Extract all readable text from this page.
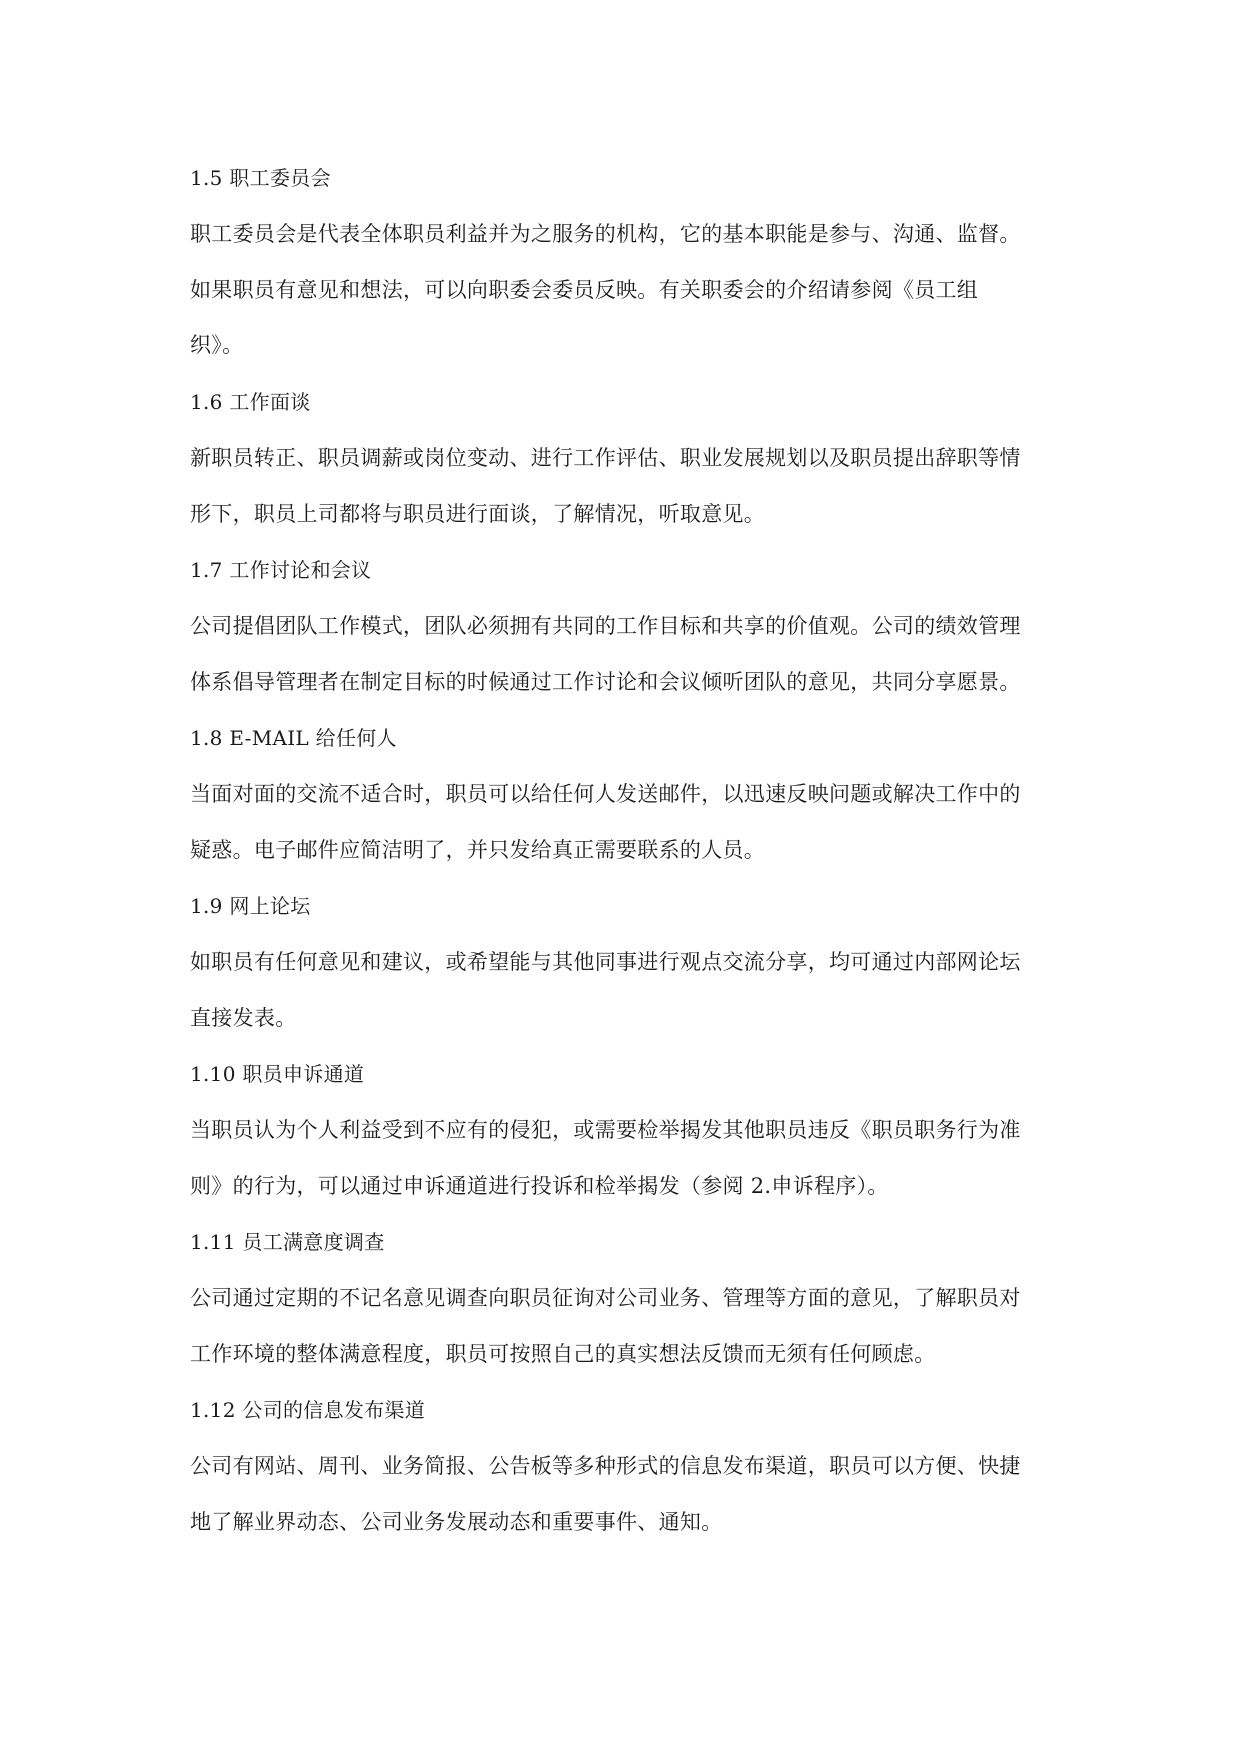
1.5 职工委员会
职工委员会是代表全体职员利益并为之服务的机构，它的基本职能是参与、沟通、监督。
如果职员有意见和想法，可以向职委会委员反映。有关职委会的介绍请参阅《员工组
织》。
1.6 工作面谈
新职员转正、职员调薪或岗位变动、进行工作评估、职业发展规划以及职员提出辞职等情
形下，职员上司都将与职员进行面谈，了解情况，听取意见。
1.7 工作讨论和会议
公司提倡团队工作模式，团队必须拥有共同的工作目标和共享的价值观。公司的绩效管理
体系倡导管理者在制定目标的时候通过工作讨论和会议倾听团队的意见，共同分享愿景。
1.8 E-MAIL 给任何人
当面对面的交流不适合时，职员可以给任何人发送邮件，以迅速反映问题或解决工作中的
疑惑。电子邮件应简洁明了，并只发给真正需要联系的人员。
1.9 网上论坛
如职员有任何意见和建议，或希望能与其他同事进行观点交流分享，均可通过内部网论坛
直接发表。
1.10 职员申诉通道
当职员认为个人利益受到不应有的侵犯，或需要检举揭发其他职员违反《职员职务行为准
则》的行为，可以通过申诉通道进行投诉和检举揭发（参阅 2.申诉程序）。
1.11 员工满意度调查
公司通过定期的不记名意见调查向职员征询对公司业务、管理等方面的意见，了解职员对
工作环境的整体满意程度，职员可按照自己的真实想法反馈而无须有任何顾虑。
1.12 公司的信息发布渠道
公司有网站、周刊、业务简报、公告板等多种形式的信息发布渠道，职员可以方便、快捷
地了解业界动态、公司业务发展动态和重要事件、通知。
